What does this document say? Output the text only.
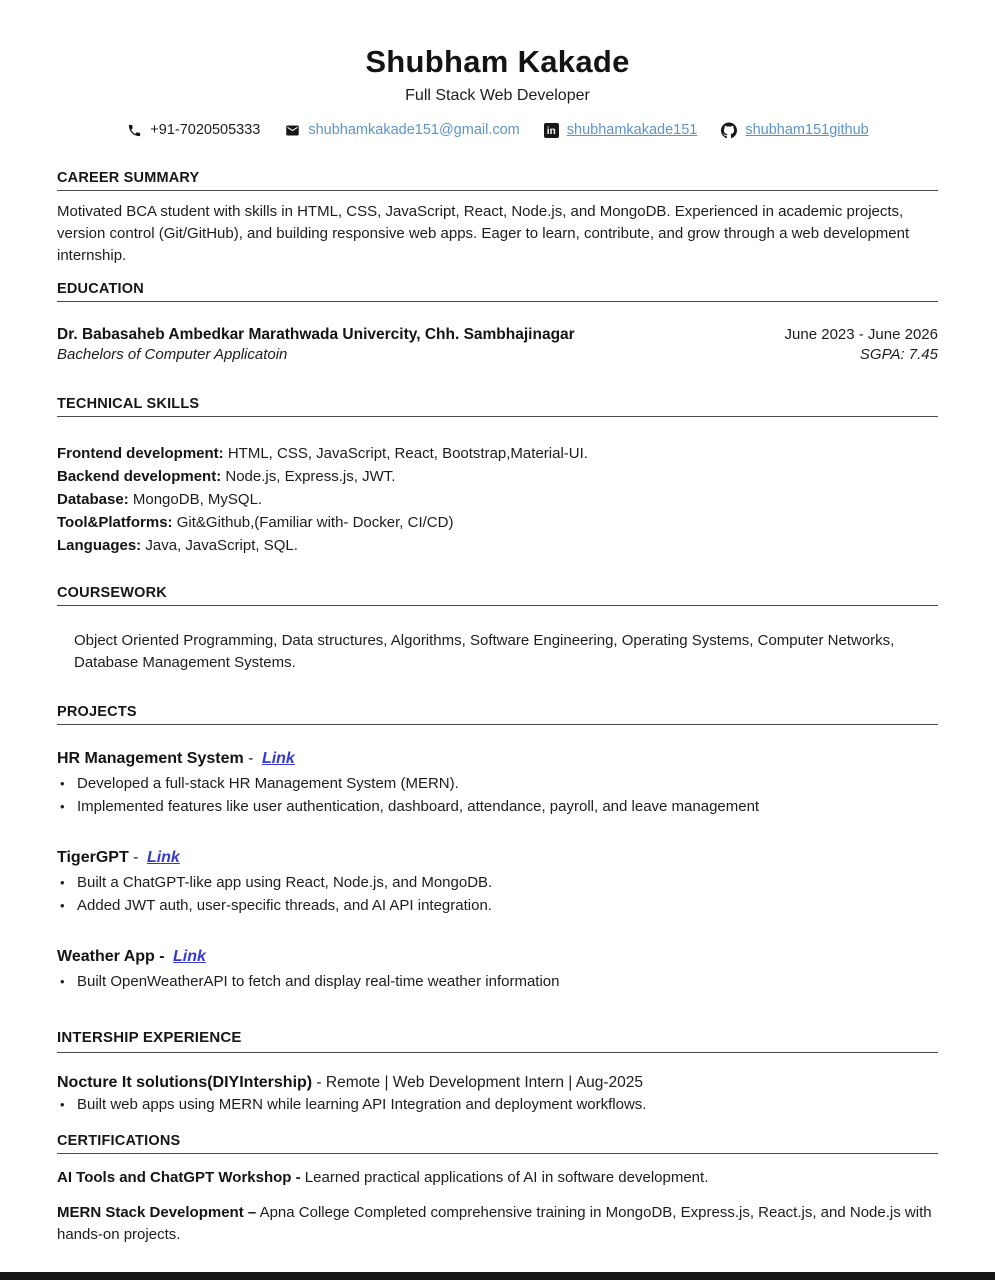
Shubham Kakade
Full Stack Web Developer
+91-7020505333	shubhamkakade151@gmail.com	in shubhamkakade151	shubham151github
CAREER SUMMARY
Motivated BCA student with skills in HTML, CSS, JavaScript, React, Node.js, and MongoDB. Experienced in academic projects, version control (Git/GitHub), and building responsive web apps. Eager to learn, contribute, and grow through a web development internship.
EDUCATION
Dr. Babasaheb Ambedkar Marathwada Univercity, Chh. Sambhajinagar	June 2023 - June 2026
Bachelors of Computer Applicatoin	SGPA: 7.45
TECHNICAL SKILLS
Frontend development: HTML, CSS, JavaScript, React, Bootstrap,Material-UI.
Backend development: Node.js, Express.js, JWT.
Database: MongoDB, MySQL.
Tool&Platforms: Git&Github,(Familiar with- Docker, CI/CD)
Languages: Java, JavaScript, SQL.
COURSEWORK
Object Oriented Programming, Data structures, Algorithms, Software Engineering, Operating Systems, Computer Networks, Database Management Systems.
PROJECTS
HR Management System - Link
• Developed a full-stack HR Management System (MERN).
• Implemented features like user authentication, dashboard, attendance, payroll, and leave management
TigerGPT - Link
• Built a ChatGPT-like app using React, Node.js, and MongoDB.
• Added JWT auth, user-specific threads, and AI API integration.
Weather App - Link
• Built OpenWeatherAPI to fetch and display real-time weather information
INTERSHIP EXPERIENCE
Nocture It solutions(DIYIntership) - Remote | Web Development Intern | Aug-2025
• Built web apps using MERN while learning API Integration and deployment workflows.
CERTIFICATIONS
AI Tools and ChatGPT Workshop - Learned practical applications of AI in software development.
MERN Stack Development – Apna College Completed comprehensive training in MongoDB, Express.js, React.js, and Node.js with hands-on projects.
